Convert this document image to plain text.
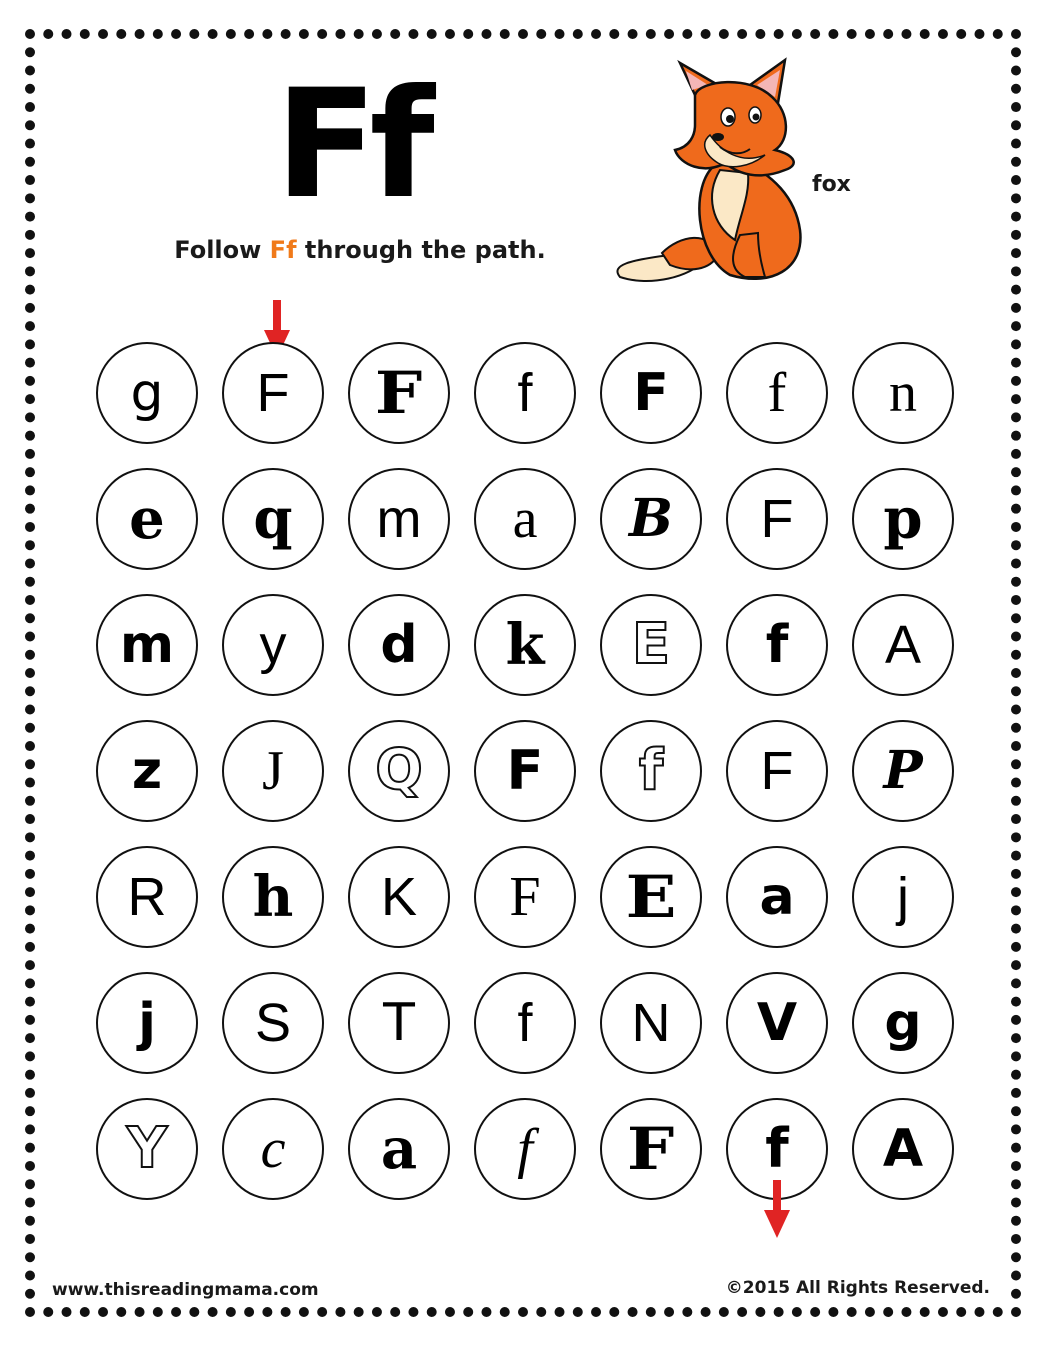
Ff
Follow Ff through the path.
fox
g F F f F f n
e q m a B F p
m y d k E f A
z J Q F f F P
R h K F E a j
j S T f N V g
Y c a f F f A
www.thisreadingmama.com	©2015 All Rights Reserved.
